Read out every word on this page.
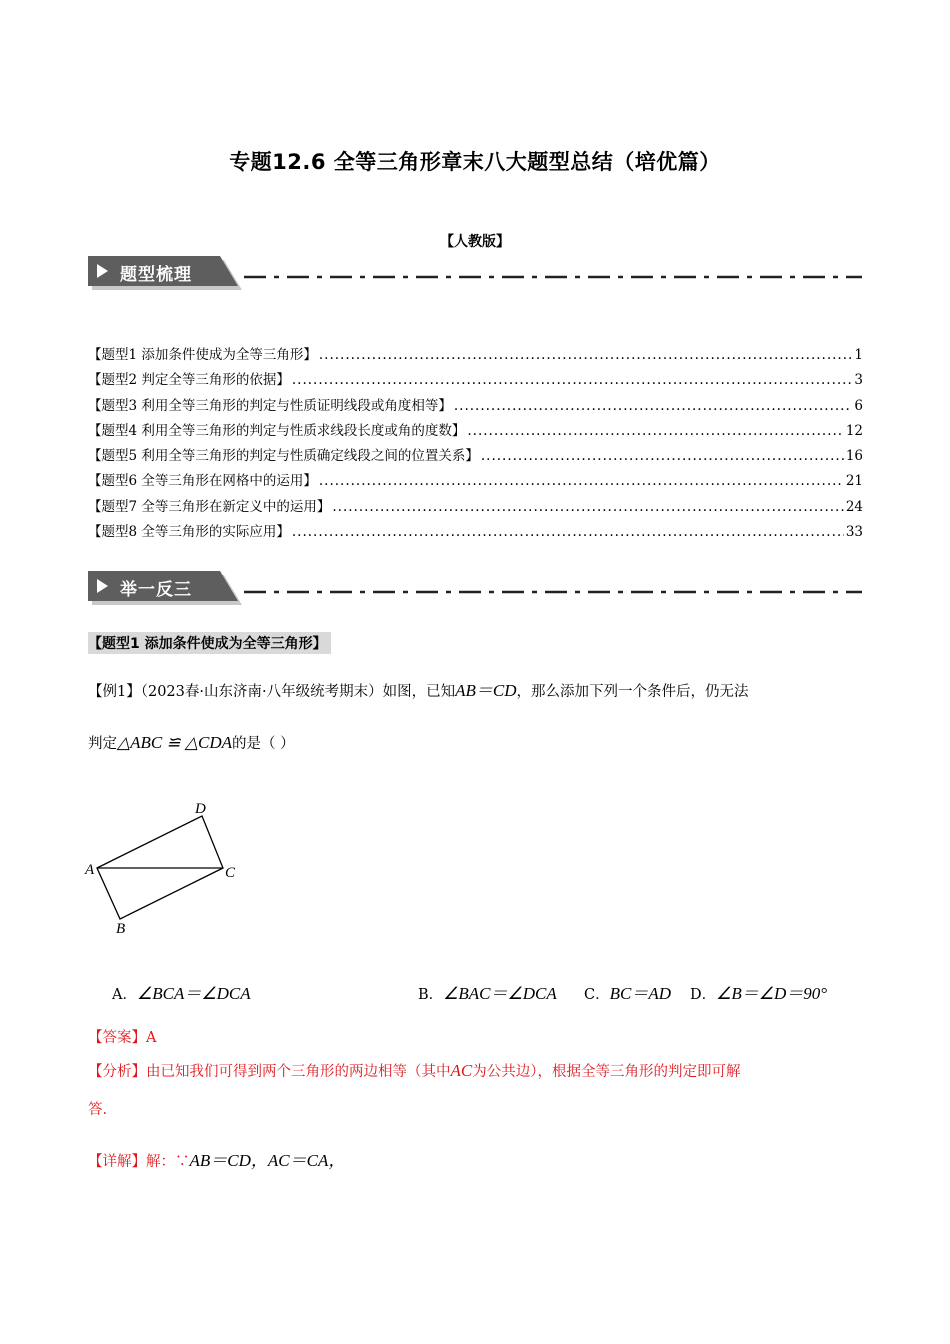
专题12.6 全等三角形章末八大题型总结（培优篇）
【人教版】
题型梳理
【题型1 添加条件使成为全等三角形】 .....	1
【题型2 判定全等三角形的依据】 .....	3
【题型3 利用全等三角形的判定与性质证明线段或角度相等】 .....	6
【题型4 利用全等三角形的判定与性质求线段长度或角的度数】 .....	12
【题型5 利用全等三角形的判定与性质确定线段之间的位置关系】 .....	16
【题型6 全等三角形在网格中的运用】 .....	21
【题型7 全等三角形在新定义中的运用】 .....	24
【题型8 全等三角形的实际应用】 .....	33
举一反三
【题型1 添加条件使成为全等三角形】
【例1】（2023春·山东济南·八年级统考期末）如图，已知AB＝CD，那么添加下列一个条件后，仍无法
判定△ABC ≌ △CDA的是（ ）
D
A	C
B
A．∠BCA＝∠DCA	B．∠BAC＝∠DCA C．BC＝AD D．∠B＝∠D＝90°
【答案】A
【分析】由已知我们可得到两个三角形的两边相等（其中AC为公共边），根据全等三角形的判定即可解
答.
【详解】解：∵AB＝CD，AC＝CA，
